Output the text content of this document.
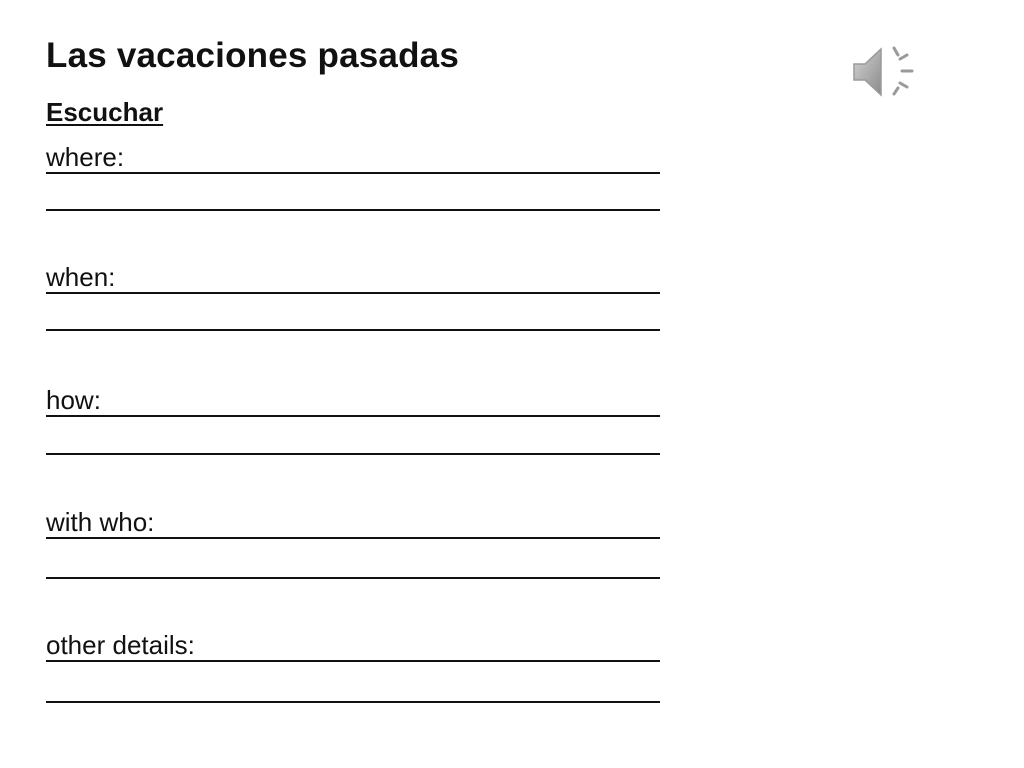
Las vacaciones pasadas
Escuchar
where:
when:
how:
with who:
other details:
